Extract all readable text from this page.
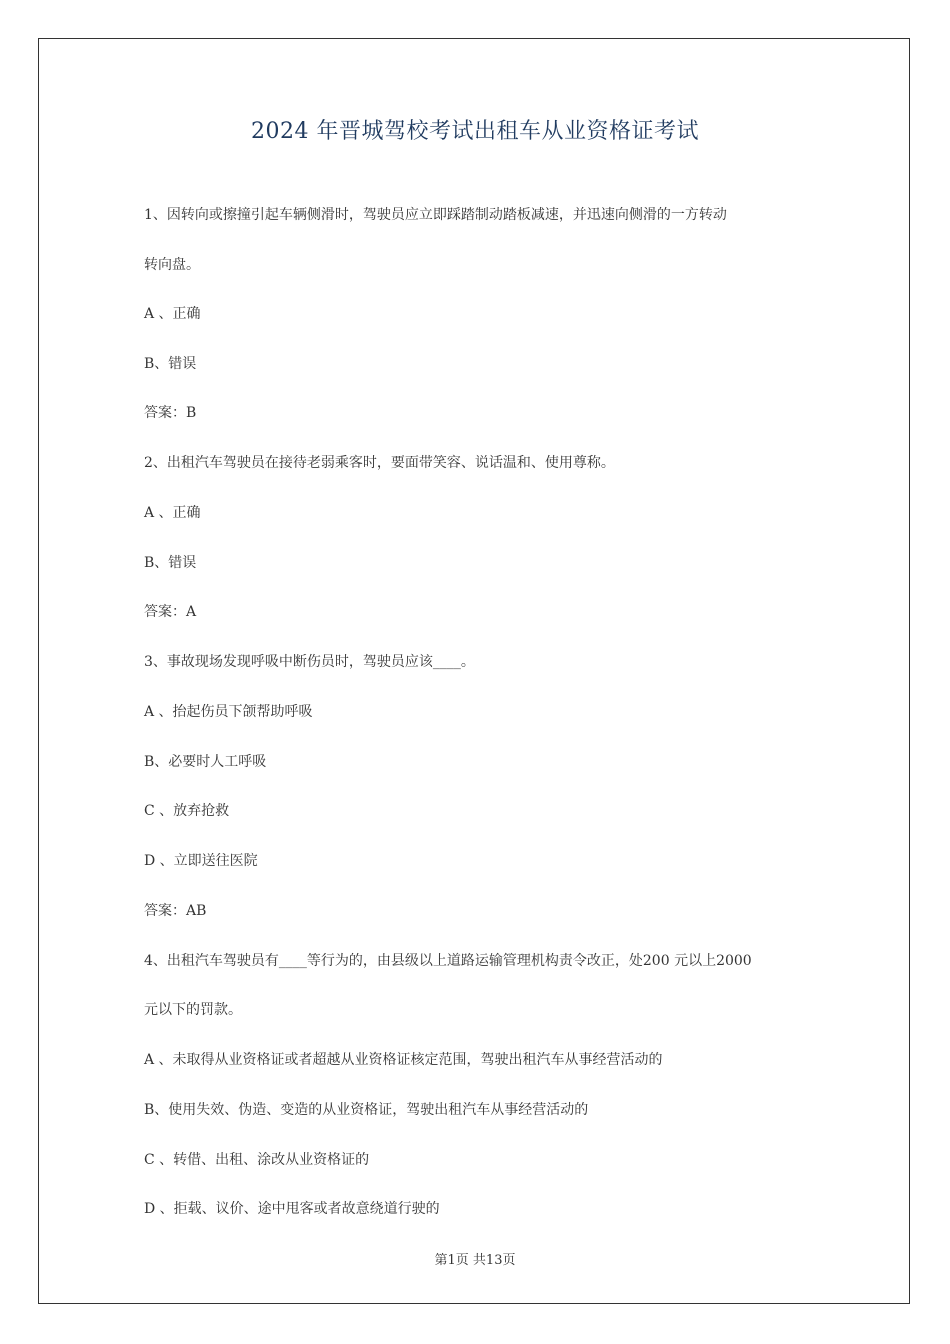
2024 年晋城驾校考试出租车从业资格证考试
1、因转向或擦撞引起车辆侧滑时，驾驶员应立即踩踏制动踏板减速，并迅速向侧滑的一方转动
转向盘。
A 、正确
B、错误
答案：B
2、出租汽车驾驶员在接待老弱乘客时，要面带笑容、说话温和、使用尊称。
A 、正确
B、错误
答案：A
3、事故现场发现呼吸中断伤员时，驾驶员应该____。
A 、抬起伤员下颌帮助呼吸
B、必要时人工呼吸
C 、放弃抢救
D 、立即送往医院
答案：AB
4、出租汽车驾驶员有____等行为的，由县级以上道路运输管理机构责令改正，处200 元以上2000
元以下的罚款。
A 、未取得从业资格证或者超越从业资格证核定范围，驾驶出租汽车从事经营活动的
B、使用失效、伪造、变造的从业资格证，驾驶出租汽车从事经营活动的
C 、转借、出租、涂改从业资格证的
D 、拒载、议价、途中甩客或者故意绕道行驶的
第1页 共13页
